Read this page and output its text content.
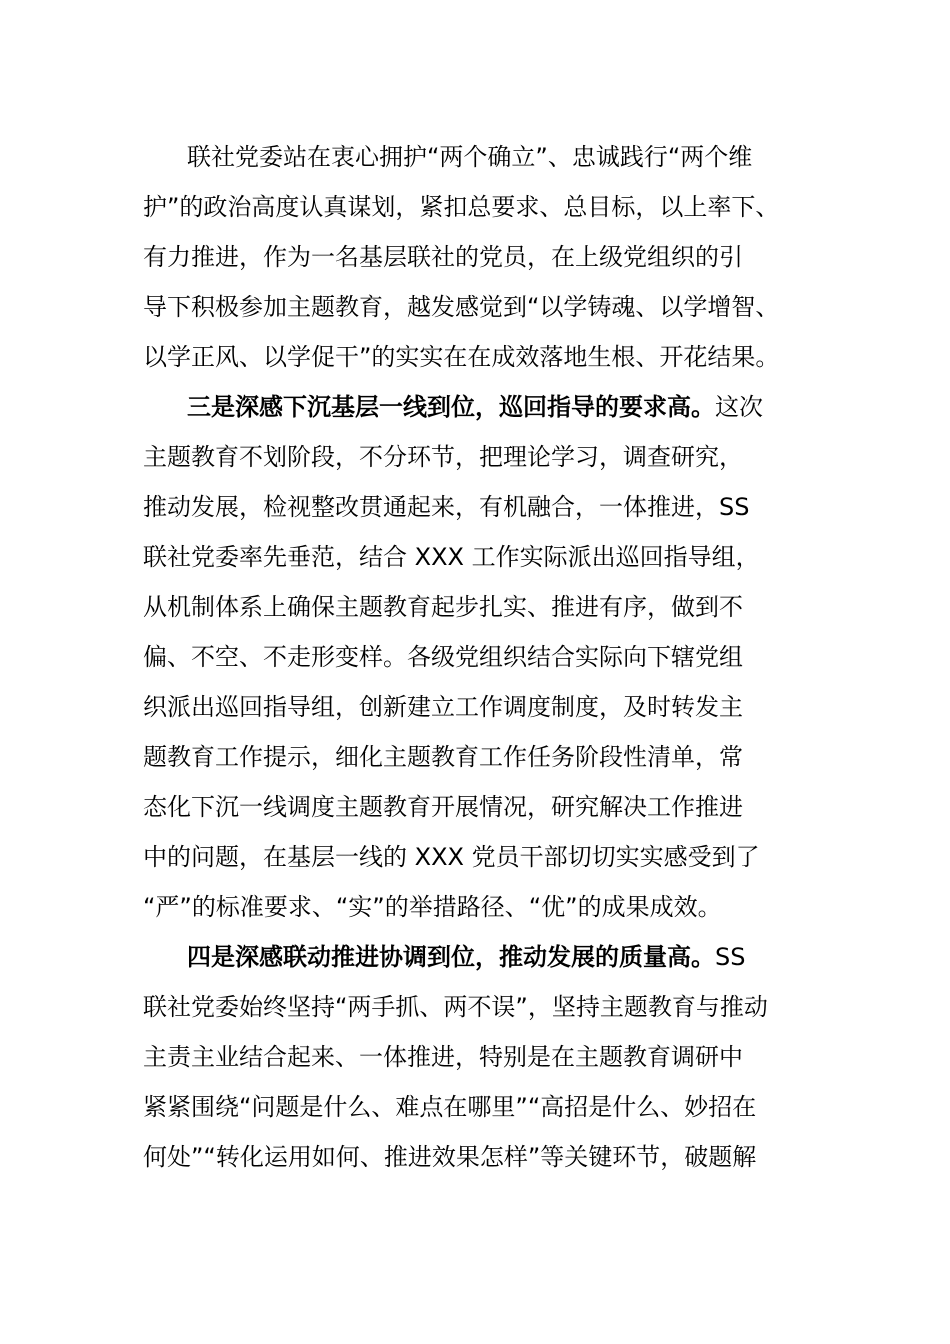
联社党委站在衷心拥护“两个确立”、忠诚践行“两个维
护”的政治高度认真谋划，紧扣总要求、总目标，以上率下、
有力推进，作为一名基层联社的党员，在上级党组织的引
导下积极参加主题教育，越发感觉到“以学铸魂、以学增智、
以学正风、以学促干”的实实在在成效落地生根、开花结果。
三是深感下沉基层一线到位，巡回指导的要求高。这次
主题教育不划阶段，不分环节，把理论学习，调查研究，
推动发展，检视整改贯通起来，有机融合，一体推进，SS
联社党委率先垂范，结合 XXX 工作实际派出巡回指导组，
从机制体系上确保主题教育起步扎实、推进有序，做到不
偏、不空、不走形变样。各级党组织结合实际向下辖党组
织派出巡回指导组，创新建立工作调度制度，及时转发主
题教育工作提示，细化主题教育工作任务阶段性清单，常
态化下沉一线调度主题教育开展情况，研究解决工作推进
中的问题，在基层一线的 XXX 党员干部切切实实感受到了
“严”的标准要求、“实”的举措路径、“优”的成果成效。
四是深感联动推进协调到位，推动发展的质量高。SS
联社党委始终坚持“两手抓、两不误”，坚持主题教育与推动
主责主业结合起来、一体推进，特别是在主题教育调研中
紧紧围绕“问题是什么、难点在哪里”“高招是什么、妙招在
何处”“转化运用如何、推进效果怎样”等关键环节，破题解
